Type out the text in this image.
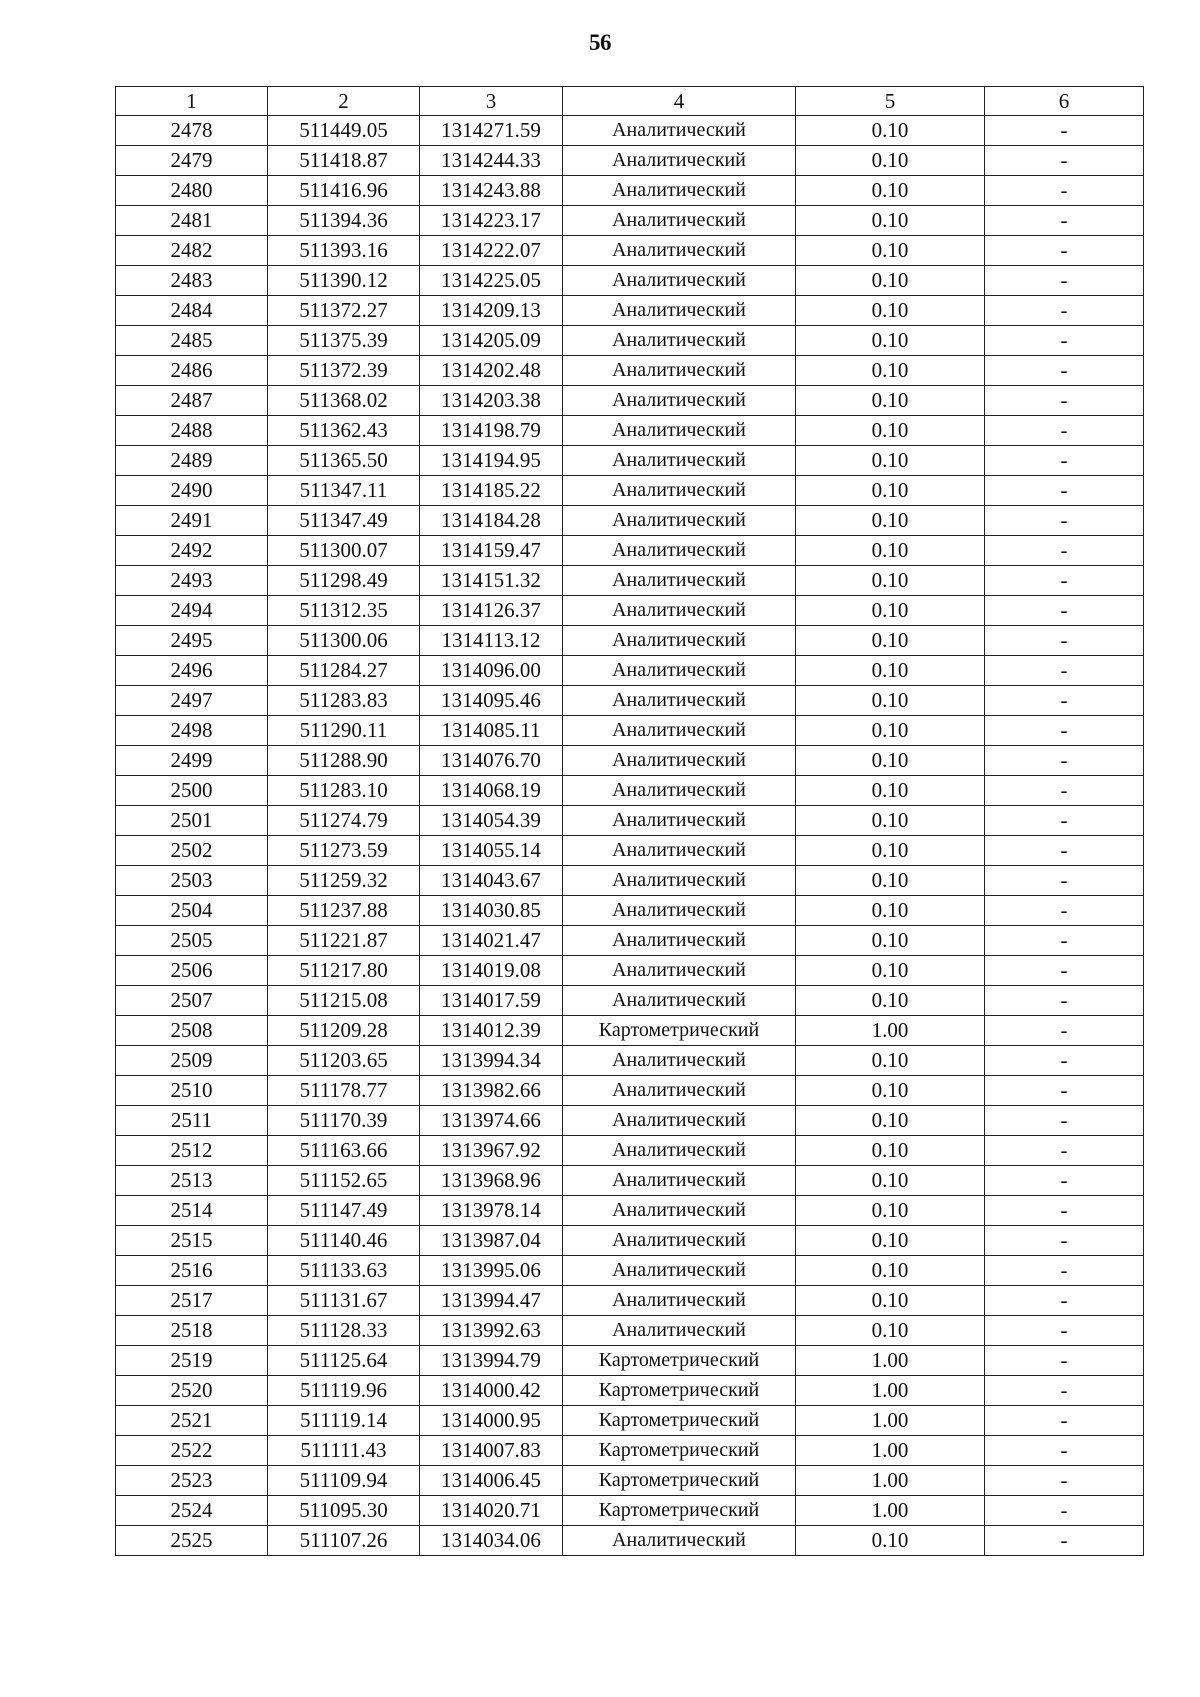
56
1	2	3	4	5	6
2478	511449.05	1314271.59	Аналитический	0.10	-
2479	511418.87	1314244.33	Аналитический	0.10	-
2480	511416.96	1314243.88	Аналитический	0.10	-
2481	511394.36	1314223.17	Аналитический	0.10	-
2482	511393.16	1314222.07	Аналитический	0.10	-
2483	511390.12	1314225.05	Аналитический	0.10	-
2484	511372.27	1314209.13	Аналитический	0.10	-
2485	511375.39	1314205.09	Аналитический	0.10	-
2486	511372.39	1314202.48	Аналитический	0.10	-
2487	511368.02	1314203.38	Аналитический	0.10	-
2488	511362.43	1314198.79	Аналитический	0.10	-
2489	511365.50	1314194.95	Аналитический	0.10	-
2490	511347.11	1314185.22	Аналитический	0.10	-
2491	511347.49	1314184.28	Аналитический	0.10	-
2492	511300.07	1314159.47	Аналитический	0.10	-
2493	511298.49	1314151.32	Аналитический	0.10	-
2494	511312.35	1314126.37	Аналитический	0.10	-
2495	511300.06	1314113.12	Аналитический	0.10	-
2496	511284.27	1314096.00	Аналитический	0.10	-
2497	511283.83	1314095.46	Аналитический	0.10	-
2498	511290.11	1314085.11	Аналитический	0.10	-
2499	511288.90	1314076.70	Аналитический	0.10	-
2500	511283.10	1314068.19	Аналитический	0.10	-
2501	511274.79	1314054.39	Аналитический	0.10	-
2502	511273.59	1314055.14	Аналитический	0.10	-
2503	511259.32	1314043.67	Аналитический	0.10	-
2504	511237.88	1314030.85	Аналитический	0.10	-
2505	511221.87	1314021.47	Аналитический	0.10	-
2506	511217.80	1314019.08	Аналитический	0.10	-
2507	511215.08	1314017.59	Аналитический	0.10	-
2508	511209.28	1314012.39	Картометрический	1.00	-
2509	511203.65	1313994.34	Аналитический	0.10	-
2510	511178.77	1313982.66	Аналитический	0.10	-
2511	511170.39	1313974.66	Аналитический	0.10	-
2512	511163.66	1313967.92	Аналитический	0.10	-
2513	511152.65	1313968.96	Аналитический	0.10	-
2514	511147.49	1313978.14	Аналитический	0.10	-
2515	511140.46	1313987.04	Аналитический	0.10	-
2516	511133.63	1313995.06	Аналитический	0.10	-
2517	511131.67	1313994.47	Аналитический	0.10	-
2518	511128.33	1313992.63	Аналитический	0.10	-
2519	511125.64	1313994.79	Картометрический	1.00	-
2520	511119.96	1314000.42	Картометрический	1.00	-
2521	511119.14	1314000.95	Картометрический	1.00	-
2522	511111.43	1314007.83	Картометрический	1.00	-
2523	511109.94	1314006.45	Картометрический	1.00	-
2524	511095.30	1314020.71	Картометрический	1.00	-
2525	511107.26	1314034.06	Аналитический	0.10	-
